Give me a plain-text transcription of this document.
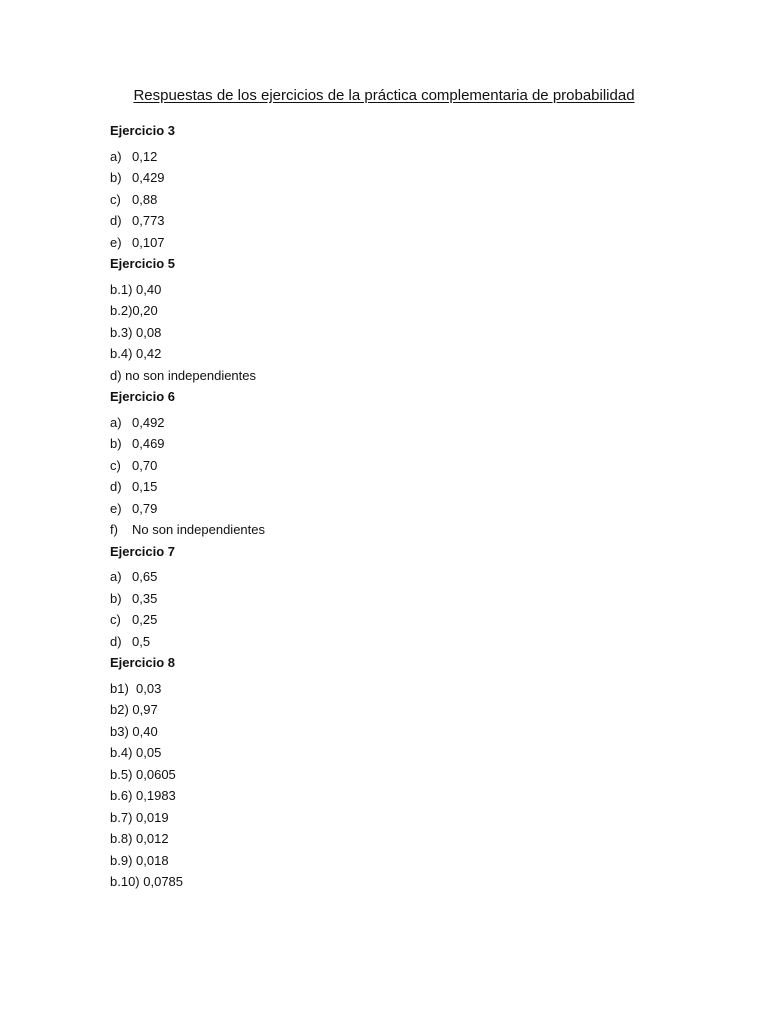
Respuestas de los ejercicios de la práctica complementaria de probabilidad
Ejercicio 3
a) 0,12
b) 0,429
c) 0,88
d) 0,773
e) 0,107
Ejercicio 5
b.1) 0,40
b.2)0,20
b.3) 0,08
b.4) 0,42
d) no son independientes
Ejercicio 6
a) 0,492
b) 0,469
c) 0,70
d) 0,15
e) 0,79
f) No son independientes
Ejercicio 7
a) 0,65
b) 0,35
c) 0,25
d) 0,5
Ejercicio 8
b1)  0,03
b2) 0,97
b3) 0,40
b.4) 0,05
b.5) 0,0605
b.6) 0,1983
b.7) 0,019
b.8) 0,012
b.9) 0,018
b.10) 0,0785
